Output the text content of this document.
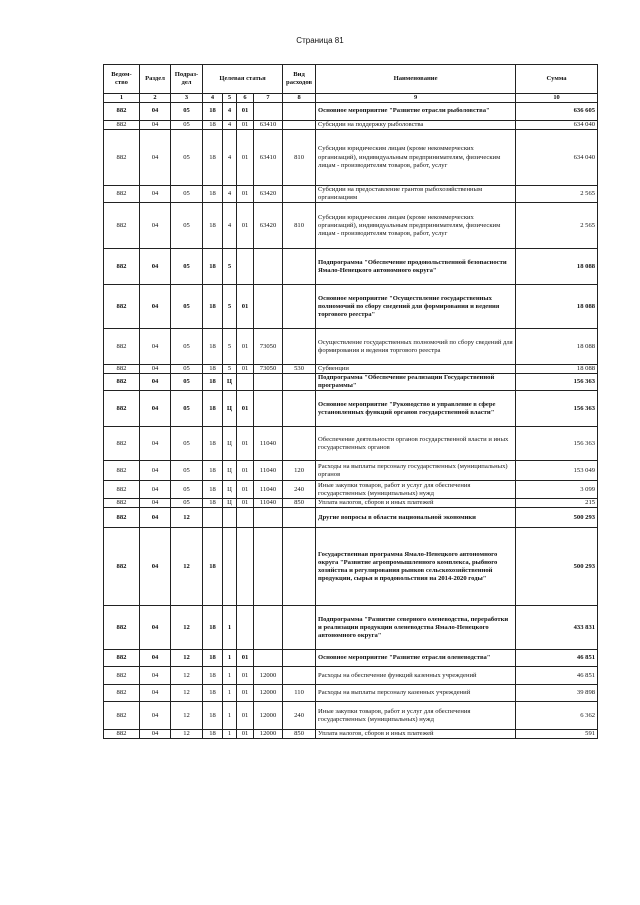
Страница 81
Ведом-ство	Раздел	Подраз-дел	Целевая статья				Вид расходов	Наименование	Сумма
1	2	3	4	5	6	7	8	9	10
882	04	05	18	4	01			Основное мероприятие "Развитие отрасли рыболовства"	636 605
882	04	05	18	4	01	63410		Субсидии на поддержку рыболовства	634 040
882	04	05	18	4	01	63410	810	Субсидии юридическим лицам (кроме некоммерческих организаций), индивидуальным предпринимателям, физическим лицам - производителям товаров, работ, услуг	634 040
882	04	05	18	4	01	63420		Субсидии на предоставление грантов рыбохозяйственным организациям	2 565
882	04	05	18	4	01	63420	810	Субсидии юридическим лицам (кроме некоммерческих организаций), индивидуальным предпринимателям, физическим лицам - производителям товаров, работ, услуг	2 565
882	04	05	18	5				Подпрограмма "Обеспечение продовольственной безопасности Ямало-Ненецкого автономного округа"	18 088
882	04	05	18	5	01			Основное мероприятие "Осуществление государственных полномочий по сбору сведений для формирования и ведения торгового реестра"	18 088
882	04	05	18	5	01	73050		Осуществление государственных полномочий по сбору сведений для формирования и ведения торгового реестра	18 088
882	04	05	18	5	01	73050	530	Субвенции	18 088
882	04	05	18	Ц				Подпрограмма "Обеспечение реализации Государственной программы"	156 363
882	04	05	18	Ц	01			Основное мероприятие "Руководство и управление в сфере установленных функций органов государственной власти"	156 363
882	04	05	18	Ц	01	11040		Обеспечение деятельности органов государственной власти и иных государственных органов	156 363
882	04	05	18	Ц	01	11040	120	Расходы на выплаты персоналу государственных (муниципальных) органов	153 049
882	04	05	18	Ц	01	11040	240	Иные закупки товаров, работ и услуг для обеспечения государственных (муниципальных) нужд	3 099
882	04	05	18	Ц	01	11040	850	Уплата налогов, сборов и иных платежей	215
882	04	12						Другие вопросы в области национальной экономики	500 293
882	04	12	18					Государственная программа Ямало-Ненецкого автономного округа "Развитие агропромышленного комплекса, рыбного хозяйства и регулирования рынков сельскохозяйственной продукции, сырья и продовольствия на 2014-2020 годы"	500 293
882	04	12	18	1				Подпрограмма "Развитие северного оленеводства, переработки и реализации продукции оленеводства Ямало-Ненецкого автономного округа"	433 831
882	04	12	18	1	01			Основное мероприятие "Развитие отрасли оленеводства"	46 851
882	04	12	18	1	01	12000		Расходы на обеспечение функций казенных учреждений	46 851
882	04	12	18	1	01	12000	110	Расходы на выплаты персоналу казенных учреждений	39 898
882	04	12	18	1	01	12000	240	Иные закупки товаров, работ и услуг для обеспечения государственных (муниципальных) нужд	6 362
882	04	12	18	1	01	12000	850	Уплата налогов, сборов и иных платежей	591
